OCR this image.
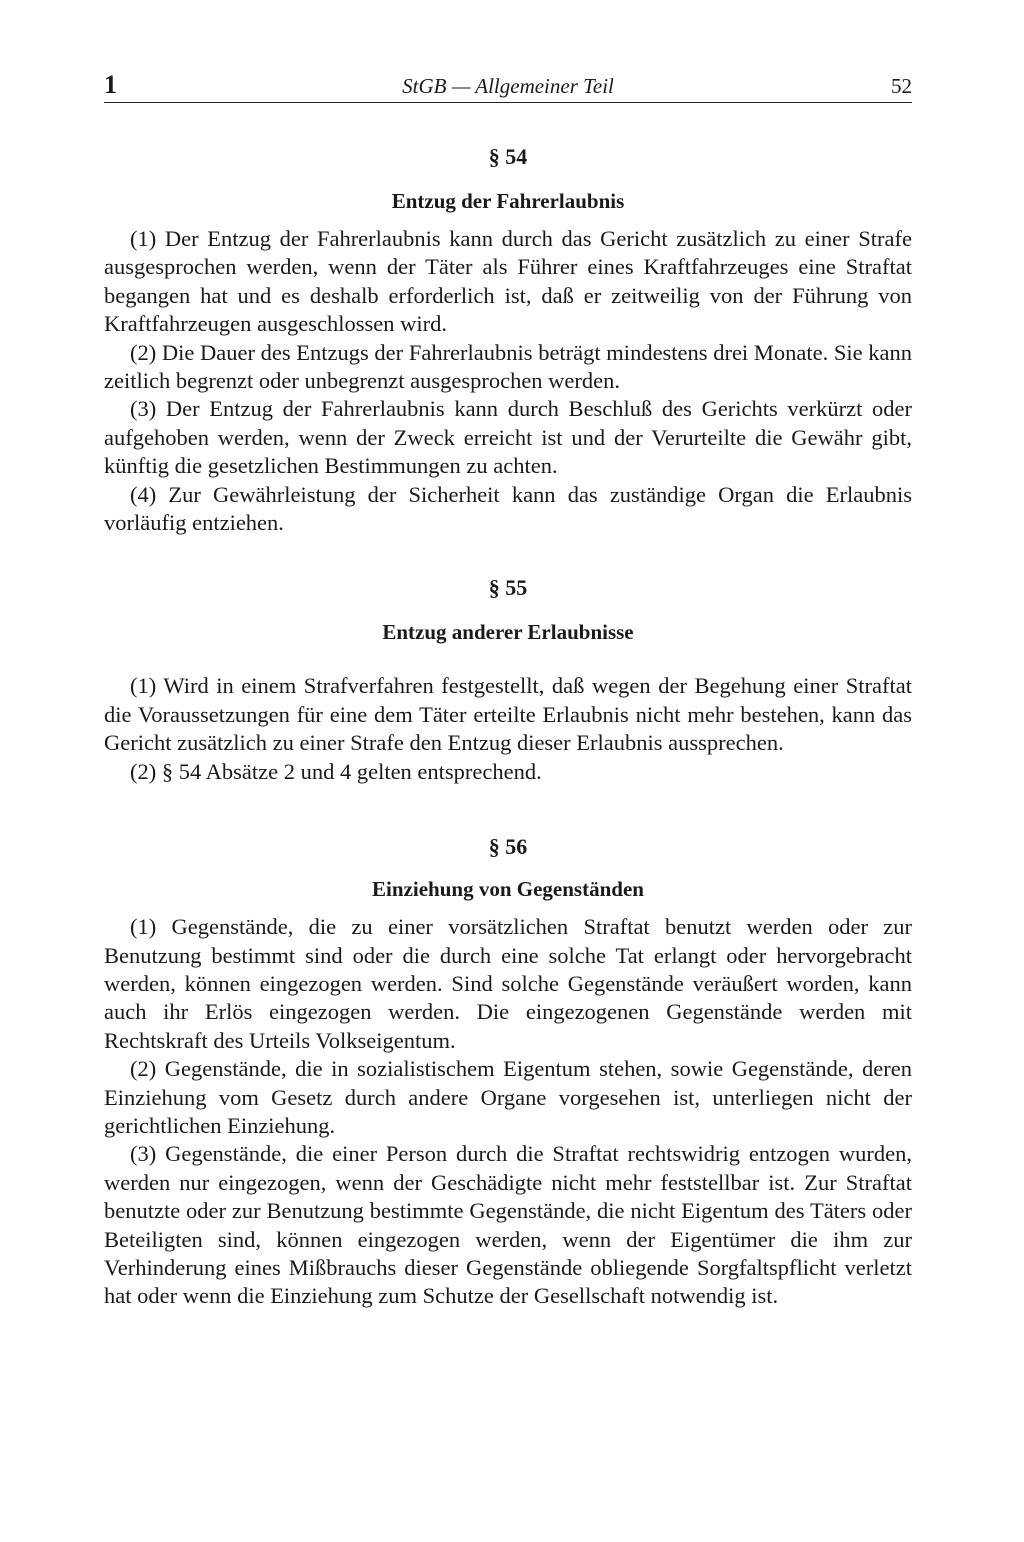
1	StGB — Allgemeiner Teil	52
§ 54
Entzug der Fahrerlaubnis

(1) Der Entzug der Fahrerlaubnis kann durch das Gericht zusätzlich zu einer Strafe ausgesprochen werden, wenn der Täter als Führer eines Kraftfahrzeuges eine Straftat begangen hat und es deshalb erforderlich ist, daß er zeitweilig von der Führung von Kraftfahrzeugen ausgeschlossen wird.

(2) Die Dauer des Entzugs der Fahrerlaubnis beträgt mindestens drei Monate. Sie kann zeitlich begrenzt oder unbegrenzt ausgesprochen werden.

(3) Der Entzug der Fahrerlaubnis kann durch Beschluß des Gerichts verkürzt oder aufgehoben werden, wenn der Zweck erreicht ist und der Verurteilte die Gewähr gibt, künftig die gesetzlichen Bestimmungen zu achten.

(4) Zur Gewährleistung der Sicherheit kann das zuständige Organ die Erlaubnis vorläufig entziehen.

§ 55
Entzug anderer Erlaubnisse

(1) Wird in einem Strafverfahren festgestellt, daß wegen der Begehung einer Straftat die Voraussetzungen für eine dem Täter erteilte Erlaubnis nicht mehr bestehen, kann das Gericht zusätzlich zu einer Strafe den Entzug dieser Erlaubnis aussprechen.

(2) § 54 Absätze 2 und 4 gelten entsprechend.

§ 56
Einziehung von Gegenständen

(1) Gegenstände, die zu einer vorsätzlichen Straftat benutzt werden oder zur Benutzung bestimmt sind oder die durch eine solche Tat erlangt oder hervorgebracht werden, können eingezogen werden. Sind solche Gegenstände veräußert worden, kann auch ihr Erlös eingezogen werden. Die eingezogenen Gegenstände werden mit Rechtskraft des Urteils Volkseigentum.

(2) Gegenstände, die in sozialistischem Eigentum stehen, sowie Gegenstände, deren Einziehung vom Gesetz durch andere Organe vorgesehen ist, unterliegen nicht der gerichtlichen Einziehung.

(3) Gegenstände, die einer Person durch die Straftat rechtswidrig entzogen wurden, werden nur eingezogen, wenn der Geschädigte nicht mehr feststellbar ist. Zur Straftat benutzte oder zur Benutzung bestimmte Gegenstände, die nicht Eigentum des Täters oder Beteiligten sind, können eingezogen werden, wenn der Eigentümer die ihm zur Verhinderung eines Mißbrauchs dieser Gegenstände obliegende Sorgfaltspflicht verletzt hat oder wenn die Einziehung zum Schutze der Gesellschaft notwendig ist.
